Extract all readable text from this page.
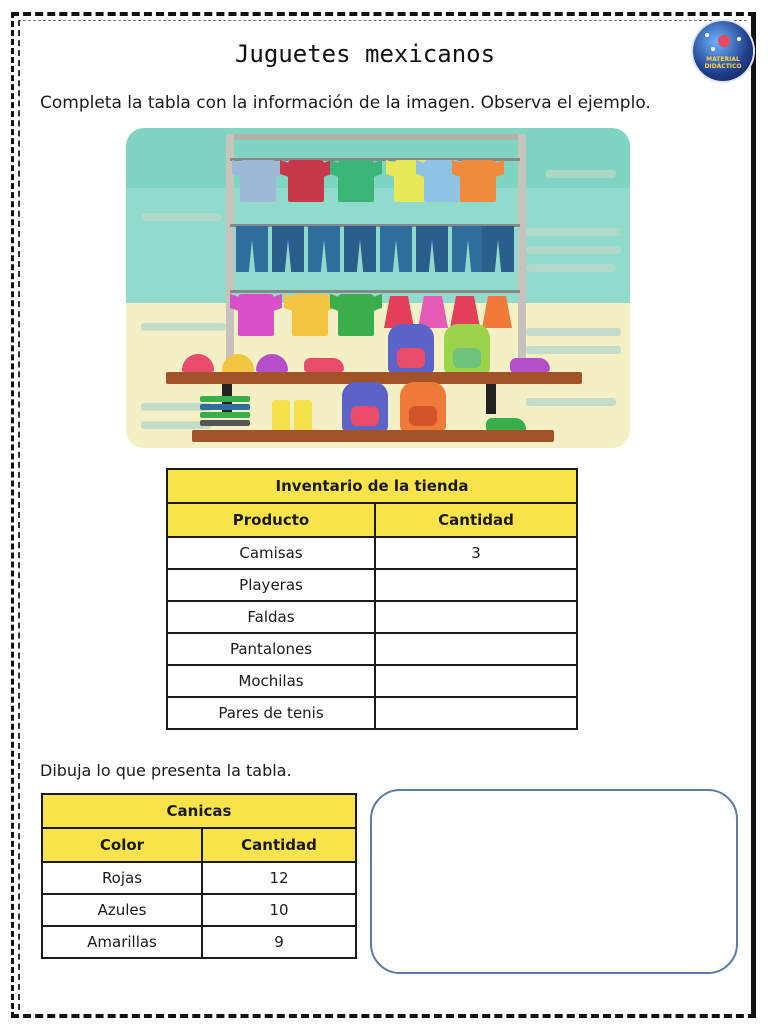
Juguetes mexicanos	MATERIAL DIDÁCTICO
Completa la tabla con la información de la imagen. Observa el ejemplo.
Inventario de la tienda	
Producto	Cantidad
Camisas	3
Playeras	
Faldas	
Pantalones	
Mochilas	
Pares de tenis	
Dibuja lo que presenta la tabla.
Canicas	
Color	Cantidad
Rojas	12
Azules	10
Amarillas	9
